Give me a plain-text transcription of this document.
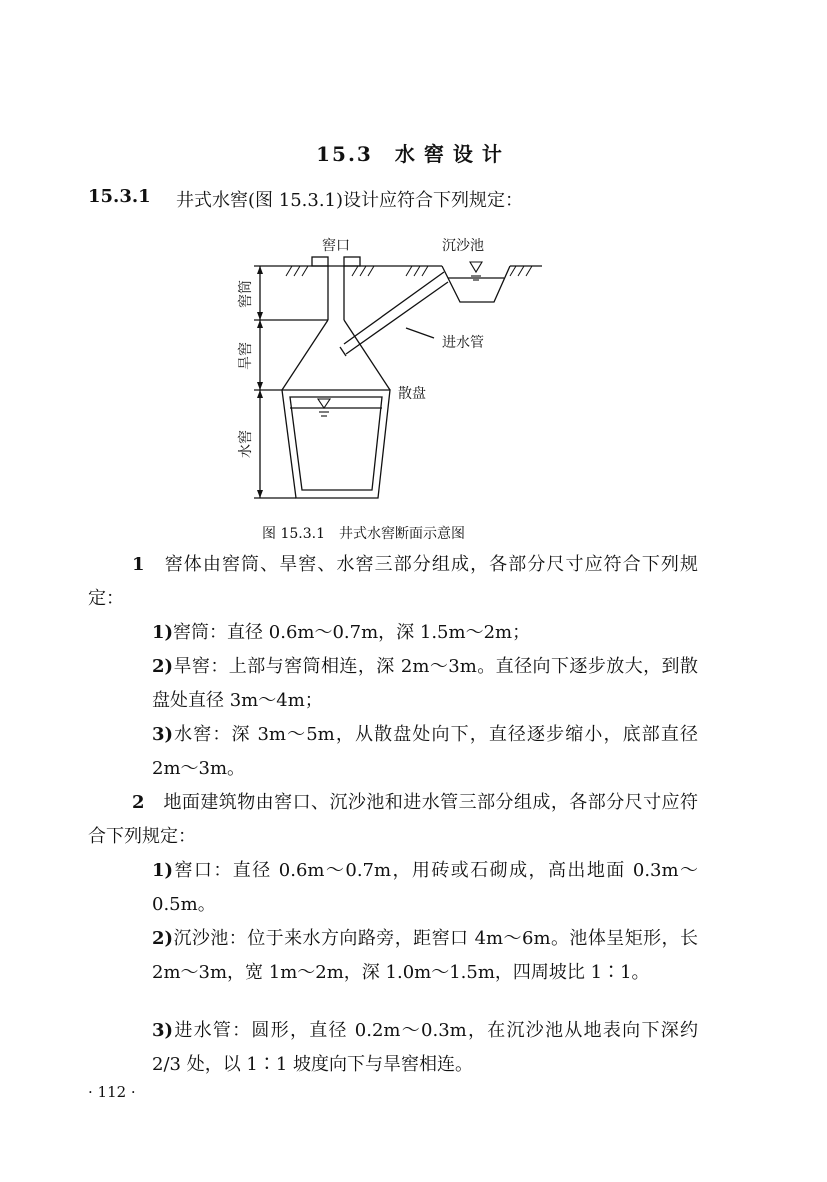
15.3 水窖设计
15.3.1 井式水窖(图 15.3.1)设计应符合下列规定：
窖口	沉沙池
进水管
散盘
窖筒
旱窖
水窖
图 15.3.1　井式水窖断面示意图
1　 窖体由窖筒、旱窖、水窖三部分组成，各部分尺寸应符合下列规定：
1)窖筒：直径 0.6m～0.7m，深 1.5m～2m；
2)旱窖：上部与窖筒相连，深 2m～3m。直径向下逐步放大，到散盘处直径 3m～4m；
3)水窖：深 3m～5m，从散盘处向下，直径逐步缩小，底部直径 2m～3m。
2　 地面建筑物由窖口、沉沙池和进水管三部分组成，各部分尺寸应符合下列规定：
1)窖口：直径 0.6m～0.7m，用砖或石砌成，高出地面 0.3m～0.5m。
2)沉沙池：位于来水方向路旁，距窖口 4m～6m。池体呈矩形，长 2m～3m，宽 1m～2m，深 1.0m～1.5m，四周坡比 1∶1。
3)进水管：圆形，直径 0.2m～0.3m，在沉沙池从地表向下深约 2/3 处，以 1∶1 坡度向下与旱窖相连。
· 112 ·
